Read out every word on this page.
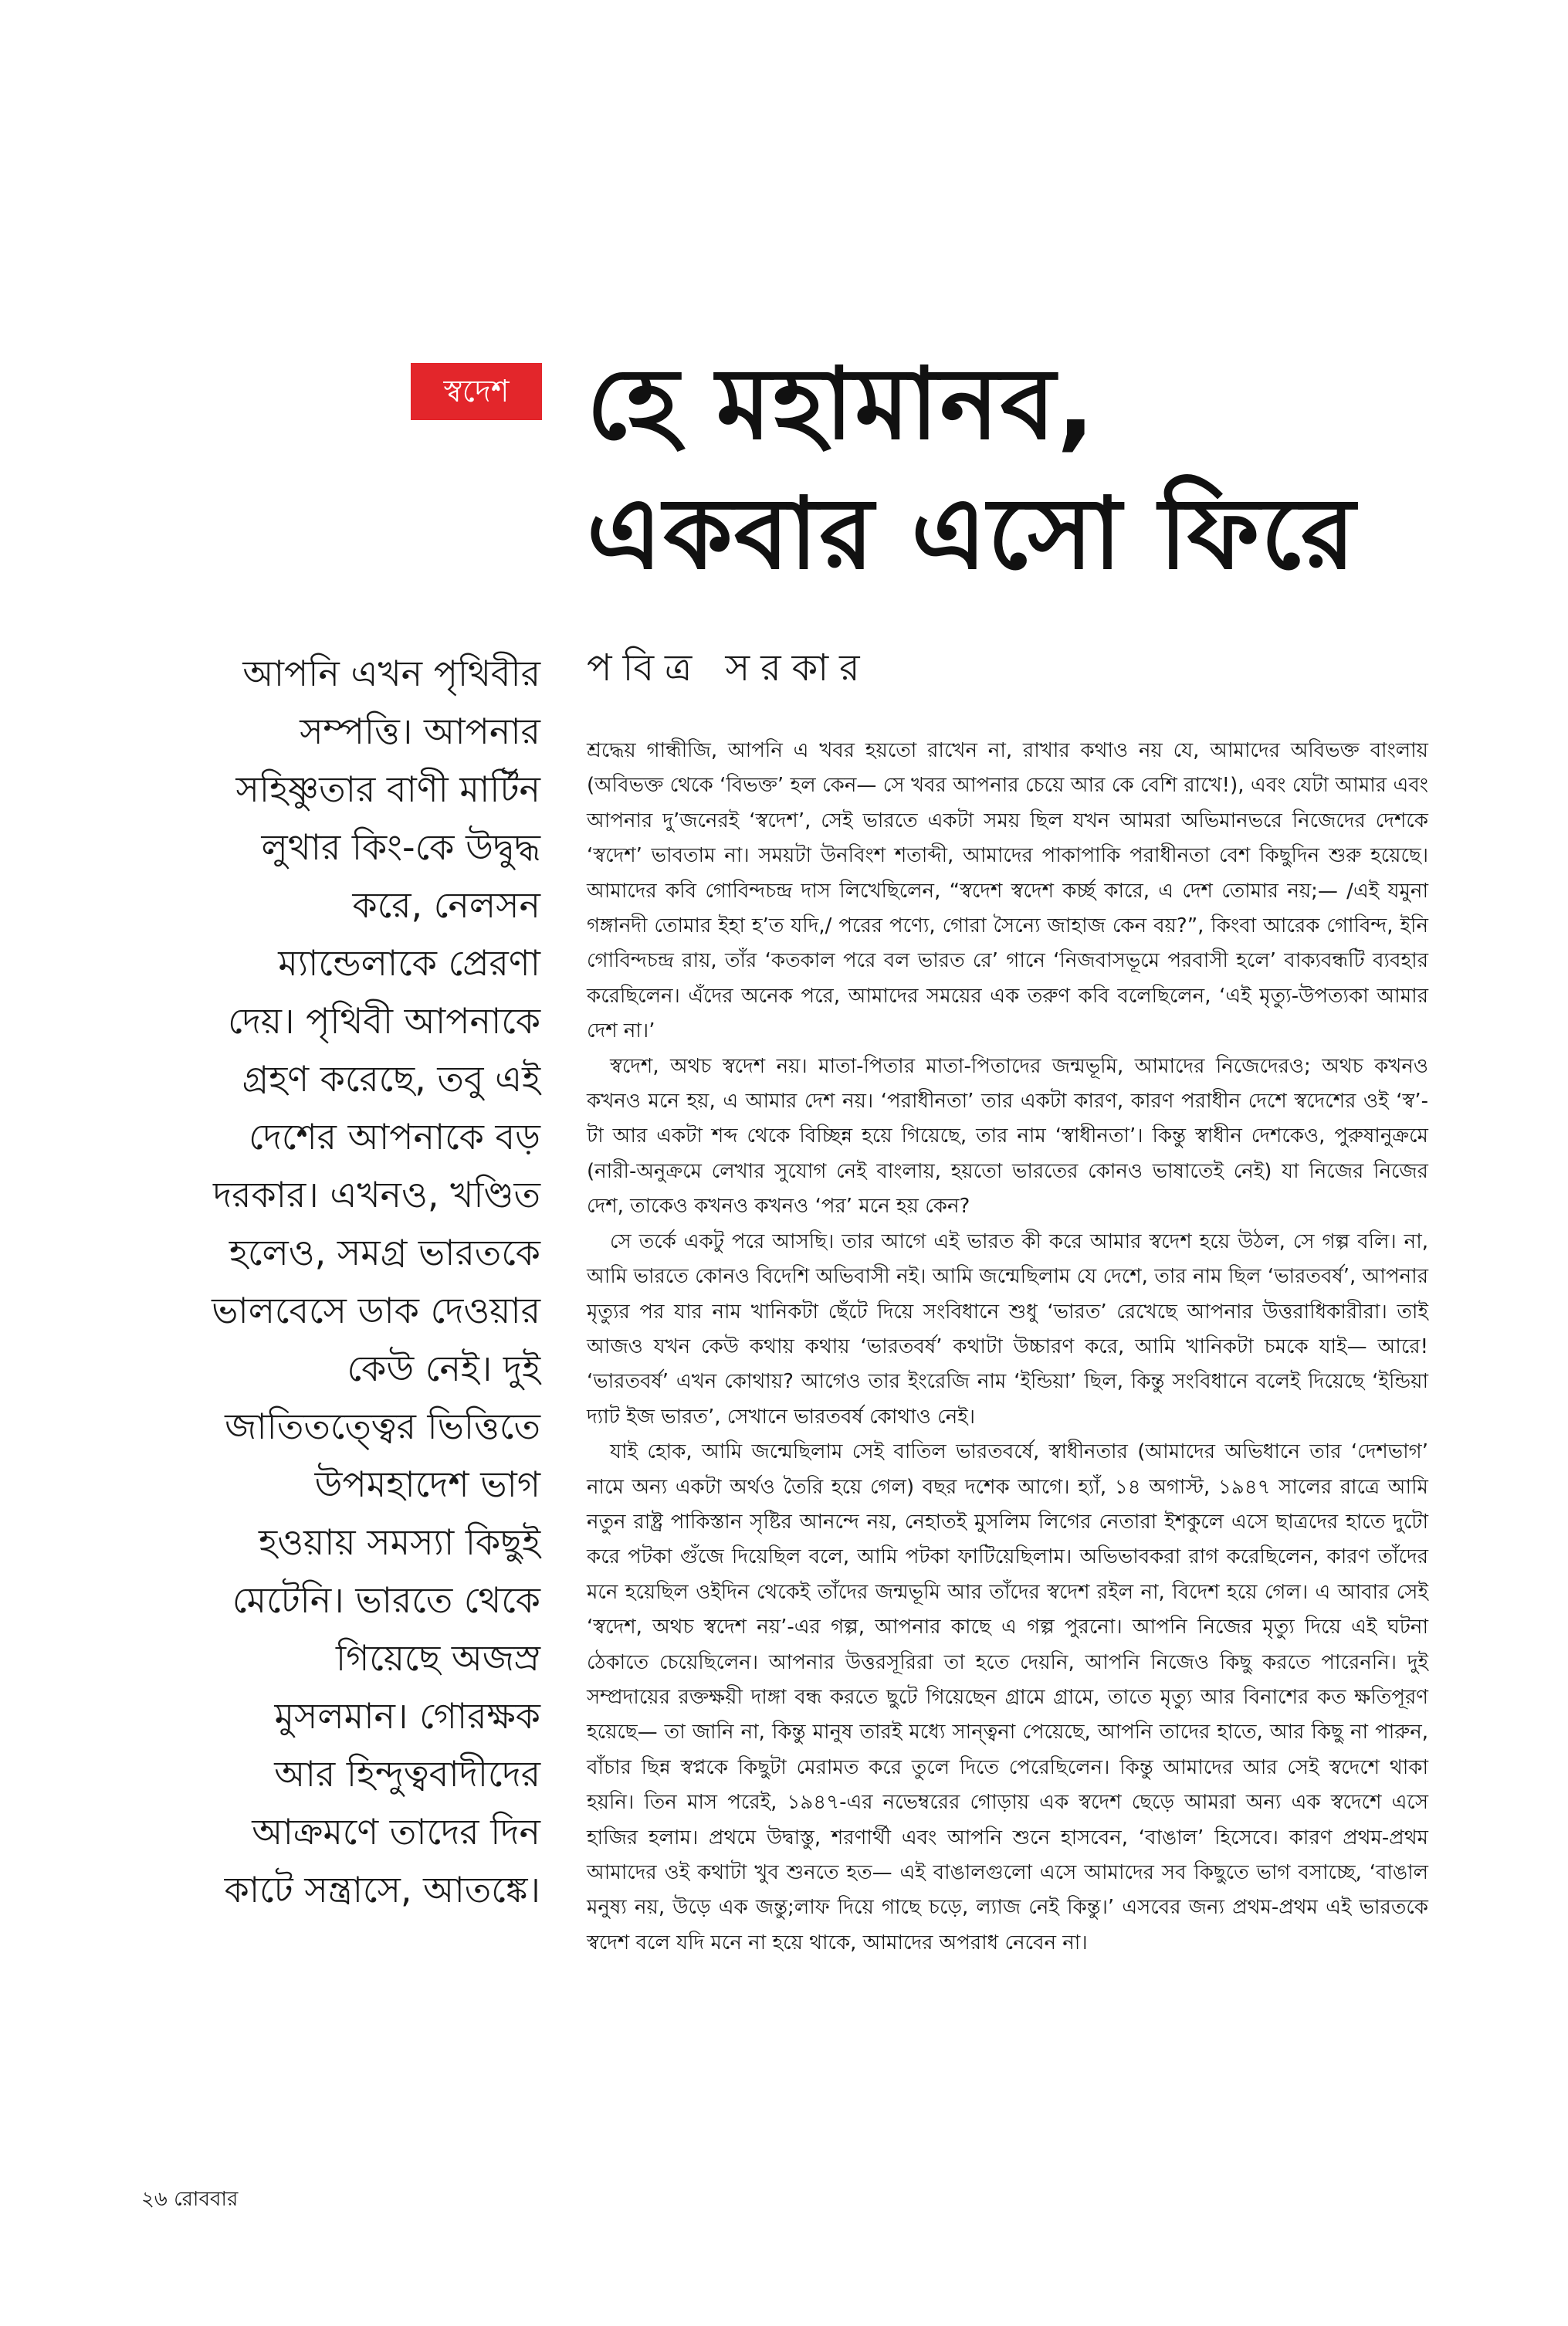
স্বদেশ হে মহামানব,
একবার এসো ফিরে
আপনি এখন পৃথিবীর
সম্পত্তি। আপনার
সহিষ্ণুতার বাণী মার্টিন
লুথার কিং-কে উদ্বুদ্ধ
করে, নেলসন
ম্যান্ডেলাকে প্রেরণা
দেয়। পৃথিবী আপনাকে
গ্রহণ করেছে, তবু এই
দেশের আপনাকে বড়
দরকার। এখনও, খণ্ডিত
হলেও, সমগ্র ভারতকে
ভালবেসে ডাক দেওয়ার
কেউ নেই। দুই
জাতিতত্ত্বের ভিত্তিতে
উপমহাদেশ ভাগ
হওয়ায় সমস্যা কিছুই
মেটেনি। ভারতে থেকে
গিয়েছে অজস্র
মুসলমান। গোরক্ষক
আর হিন্দুত্ববাদীদের
আক্রমণে তাদের দিন
কাটে সন্ত্রাসে, আতঙ্কে।
পবিত্র সরকার

শ্রদ্ধেয় গান্ধীজি, আপনি এ খবর হয়তো রাখেন না, রাখার কথাও নয় যে, আমাদের অবিভক্ত বাংলায় (অবিভক্ত থেকে ‘বিভক্ত’ হল কেন— সে খবর আপনার চেয়ে আর কে বেশি রাখে!), এবং যেটা আমার এবং আপনার দু’জনেরই ‘স্বদেশ’, সেই ভারতে একটা সময় ছিল যখন আমরা অভিমানভরে নিজেদের দেশকে ‘স্বদেশ’ ভাবতাম না। সময়টা উনবিংশ শতাব্দী, আমাদের পাকাপাকি পরাধীনতা বেশ কিছুদিন শুরু হয়েছে। আমাদের কবি গোবিন্দচন্দ্র দাস লিখেছিলেন, “স্বদেশ স্বদেশ কর্চ্ছ কারে, এ দেশ তোমার নয়;— /এই যমুনা গঙ্গানদী তোমার ইহা হ’ত যদি,/ পরের পণ্যে, গোরা সৈন্যে জাহাজ কেন বয়?”, কিংবা আরেক গোবিন্দ, ইনি গোবিন্দচন্দ্র রায়, তাঁর ‘কতকাল পরে বল ভারত রে’ গানে ‘নিজবাসভূমে পরবাসী হলে’ বাক্যবন্ধটি ব্যবহার করেছিলেন। এঁদের অনেক পরে, আমাদের সময়ের এক তরুণ কবি বলেছিলেন, ‘এই মৃত্যু-উপত্যকা আমার দেশ না।’

স্বদেশ, অথচ স্বদেশ নয়। মাতা-পিতার মাতা-পিতাদের জন্মভূমি, আমাদের নিজেদেরও; অথচ কখনও কখনও মনে হয়, এ আমার দেশ নয়। ‘পরাধীনতা’ তার একটা কারণ, কারণ পরাধীন দেশে স্বদেশের ওই ‘স্ব’-টা আর একটা শব্দ থেকে বিচ্ছিন্ন হয়ে গিয়েছে, তার নাম ‘স্বাধীনতা’। কিন্তু স্বাধীন দেশকেও, পুরুষানুক্রমে (নারী-অনুক্রমে লেখার সুযোগ নেই বাংলায়, হয়তো ভারতের কোনও ভাষাতেই নেই) যা নিজের নিজের দেশ, তাকেও কখনও কখনও ‘পর’ মনে হয় কেন?

সে তর্কে একটু পরে আসছি। তার আগে এই ভারত কী করে আমার স্বদেশ হয়ে উঠল, সে গল্প বলি। না, আমি ভারতে কোনও বিদেশি অভিবাসী নই। আমি জন্মেছিলাম যে দেশে, তার নাম ছিল ‘ভারতবর্ষ’, আপনার মৃত্যুর পর যার নাম খানিকটা ছেঁটে দিয়ে সংবিধানে শুধু ‘ভারত’ রেখেছে আপনার উত্তরাধিকারীরা। তাই আজও যখন কেউ কথায় কথায় ‘ভারতবর্ষ’ কথাটা উচ্চারণ করে, আমি খানিকটা চমকে যাই— আরে! ‘ভারতবর্ষ’ এখন কোথায়? আগেও তার ইংরেজি নাম ‘ইন্ডিয়া’ ছিল, কিন্তু সংবিধানে বলেই দিয়েছে ‘ইন্ডিয়া দ্যাট ইজ ভারত’, সেখানে ভারতবর্ষ কোথাও নেই।

যাই হোক, আমি জন্মেছিলাম সেই বাতিল ভারতবর্ষে, স্বাধীনতার (আমাদের অভিধানে তার ‘দেশভাগ’ নামে অন্য একটা অর্থও তৈরি হয়ে গেল) বছর দশেক আগে। হ্যাঁ, ১৪ অগাস্ট, ১৯৪৭ সালের রাত্রে আমি নতুন রাষ্ট্র পাকিস্তান সৃষ্টির আনন্দে নয়, নেহাতই মুসলিম লিগের নেতারা ইশকুলে এসে ছাত্রদের হাতে দুটো করে পটকা গুঁজে দিয়েছিল বলে, আমি পটকা ফাটিয়েছিলাম। অভিভাবকরা রাগ করেছিলেন, কারণ তাঁদের মনে হয়েছিল ওইদিন থেকেই তাঁদের জন্মভূমি আর তাঁদের স্বদেশ রইল না, বিদেশ হয়ে গেল। এ আবার সেই ‘স্বদেশ, অথচ স্বদেশ নয়’-এর গল্প, আপনার কাছে এ গল্প পুরনো। আপনি নিজের মৃত্যু দিয়ে এই ঘটনা ঠেকাতে চেয়েছিলেন। আপনার উত্তরসূরিরা তা হতে দেয়নি, আপনি নিজেও কিছু করতে পারেননি। দুই সম্প্রদায়ের রক্তক্ষয়ী দাঙ্গা বন্ধ করতে ছুটে গিয়েছেন গ্রামে গ্রামে, তাতে মৃত্যু আর বিনাশের কত ক্ষতিপূরণ হয়েছে— তা জানি না, কিন্তু মানুষ তারই মধ্যে সান্ত্বনা পেয়েছে, আপনি তাদের হাতে, আর কিছু না পারুন, বাঁচার ছিন্ন স্বপ্নকে কিছুটা মেরামত করে তুলে দিতে পেরেছিলেন। কিন্তু আমাদের আর সেই স্বদেশে থাকা হয়নি। তিন মাস পরেই, ১৯৪৭-এর নভেম্বরের গোড়ায় এক স্বদেশ ছেড়ে আমরা অন্য এক স্বদেশে এসে হাজির হলাম। প্রথমে উদ্বাস্তু, শরণার্থী এবং আপনি শুনে হাসবেন, ‘বাঙাল’ হিসেবে। কারণ প্রথম-প্রথম আমাদের ওই কথাটা খুব শুনতে হত— এই বাঙালগুলো এসে আমাদের সব কিছুতে ভাগ বসাচ্ছে, ‘বাঙাল মনুষ্য নয়, উড়ে এক জন্তু;লাফ দিয়ে গাছে চড়ে, ল্যাজ নেই কিন্তু।’ এসবের জন্য প্রথম-প্রথম এই ভারতকে স্বদেশ বলে যদি মনে না হয়ে থাকে, আমাদের অপরাধ নেবেন না।

২৬ রোববার
